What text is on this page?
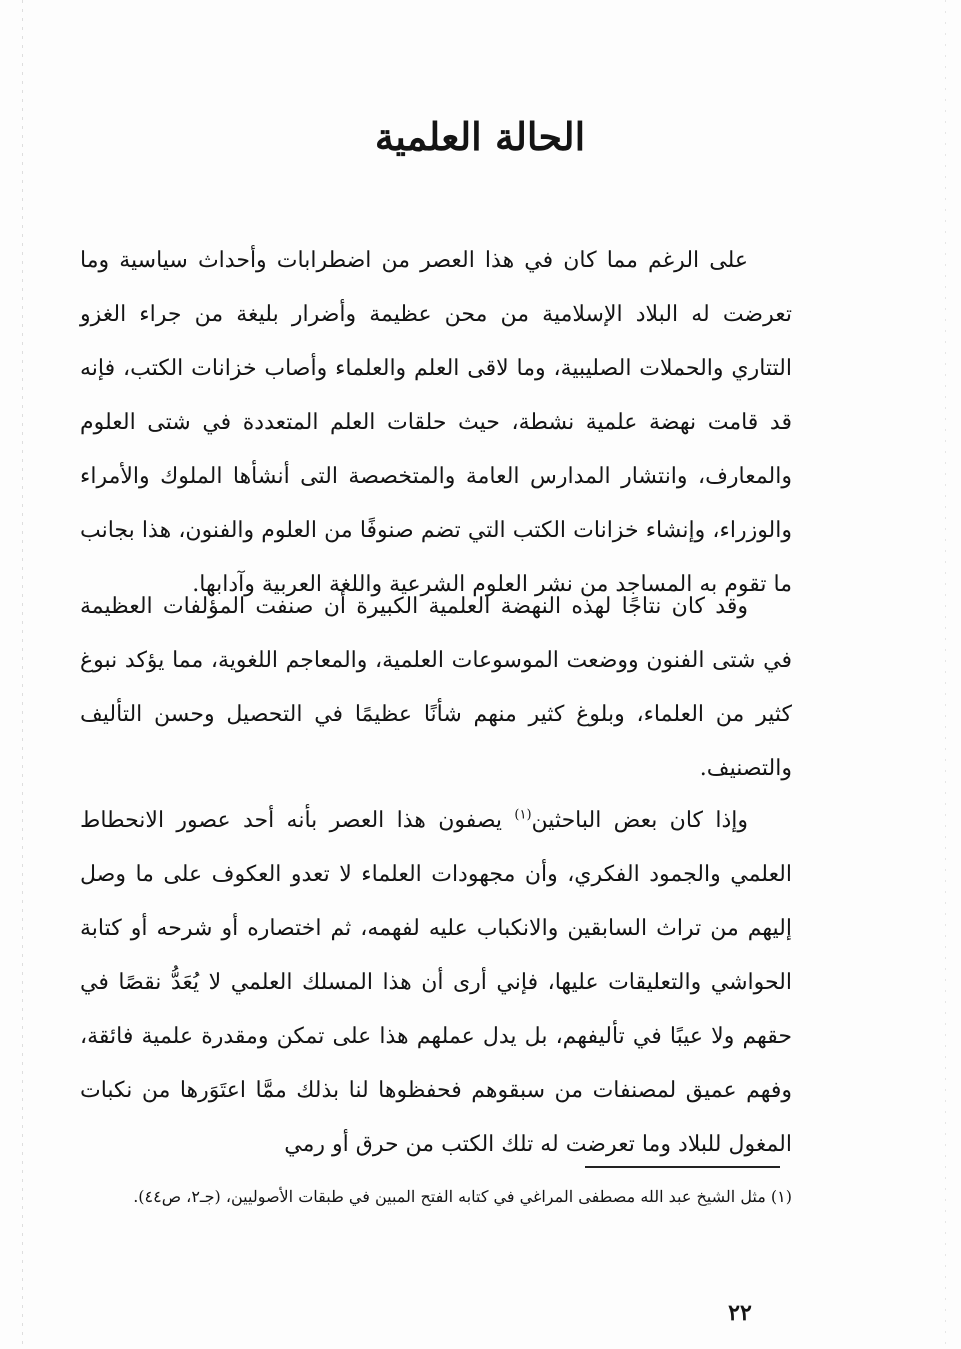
الحالة العلمية

على الرغم مما كان في هذا العصر من اضطرابات وأحداث سياسية وما تعرضت له البلاد الإسلامية من محن عظيمة وأضرار بليغة من جراء الغزو التتاري والحملات الصليبية، وما لاقى العلم والعلماء وأصاب خزانات الكتب، فإنه قد قامت نهضة علمية نشطة، حيث حلقات العلم المتعددة في شتى العلوم والمعارف، وانتشار المدارس العامة والمتخصصة التى أنشأها الملوك والأمراء والوزراء، وإنشاء خزانات الكتب التي تضم صنوفًا من العلوم والفنون، هذا بجانب ما تقوم به المساجد من نشر العلوم الشرعية واللغة العربية وآدابها.

وقد كان نتاجًا لهذه النهضة العلمية الكبيرة أن صنفت المؤلفات العظيمة في شتى الفنون ووضعت الموسوعات العلمية، والمعاجم اللغوية، مما يؤكد نبوغ كثير من العلماء، وبلوغ كثير منهم شأنًا عظيمًا في التحصيل وحسن التأليف والتصنيف.

وإذا كان بعض الباحثين$^{(١)}$ يصفون هذا العصر بأنه أحد عصور الانحطاط العلمي والجمود الفكري، وأن مجهودات العلماء لا تعدو العكوف على ما وصل إليهم من تراث السابقين والانكباب عليه لفهمه، ثم اختصاره أو شرحه أو كتابة الحواشي والتعليقات عليها، فإني أرى أن هذا المسلك العلمي لا يُعَدُّ نقصًا في حقهم ولا عيبًا في تأليفهم، بل يدل عملهم هذا على تمكن ومقدرة علمية فائقة، وفهم عميق لمصنفات من سبقوهم فحفظوها لنا بذلك ممَّا اعتَوَرها من نكبات المغول للبلاد وما تعرضت له تلك الكتب من حرق أو رمي

(١) مثل الشيخ عبد الله مصطفى المراغي في كتابه الفتح المبين في طبقات الأصوليين، (جـ٢، ص٤٤).

٢٢
